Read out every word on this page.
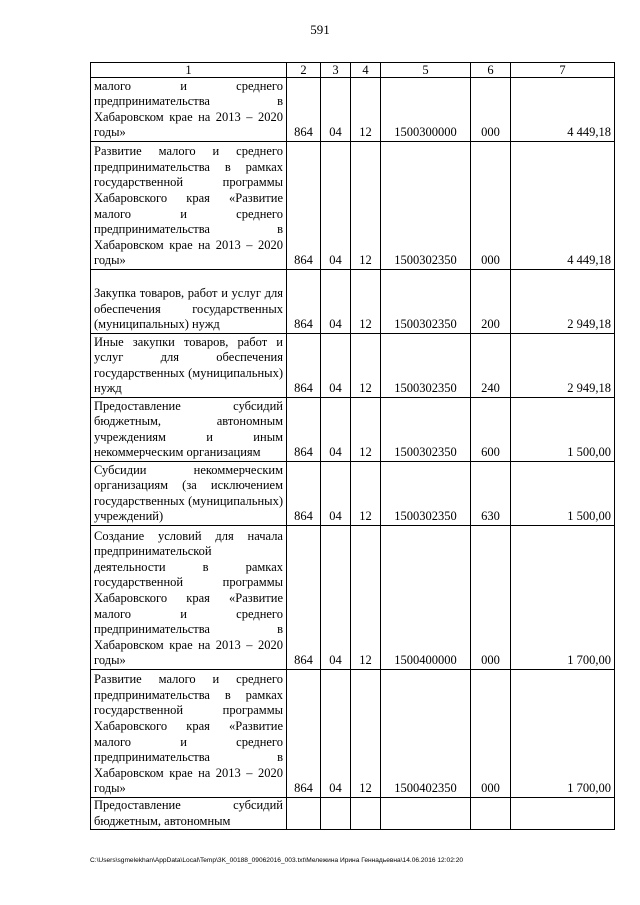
591
1	2	3	4	5	6	7
малого и среднего предпринимательства в Хабаровском крае на 2013 – 2020 годы»	864	04	12	1500300000	000	4 449,18
Развитие малого и среднего предпринимательства в рамках государственной программы Хабаровского края «Развитие малого и среднего предпринимательства в Хабаровском крае на 2013 – 2020 годы»	864	04	12	1500302350	000	4 449,18
Закупка товаров, работ и услуг для обеспечения государственных (муниципальных) нужд	864	04	12	1500302350	200	2 949,18
Иные закупки товаров, работ и услуг для обеспечения государственных (муниципальных) нужд	864	04	12	1500302350	240	2 949,18
Предоставление субсидий бюджетным, автономным учреждениям и иным некоммерческим организациям	864	04	12	1500302350	600	1 500,00
Субсидии некоммерческим организациям (за исключением государственных (муниципальных) учреждений)	864	04	12	1500302350	630	1 500,00
Создание условий для начала предпринимательской деятельности в рамках государственной программы Хабаровского края «Развитие малого и среднего предпринимательства в Хабаровском крае на 2013 – 2020 годы»	864	04	12	1500400000	000	1 700,00
Развитие малого и среднего предпринимательства в рамках государственной программы Хабаровского края «Развитие малого и среднего предпринимательства в Хабаровском крае на 2013 – 2020 годы»	864	04	12	1500402350	000	1 700,00
Предоставление субсидий бюджетным, автономным						
C:\Users\sgmelekhan\AppData\Local\Temp\3K_00188_09062016_003.txt\Мележина Ирина Геннадьевна\14.06.2016 12:02:20
